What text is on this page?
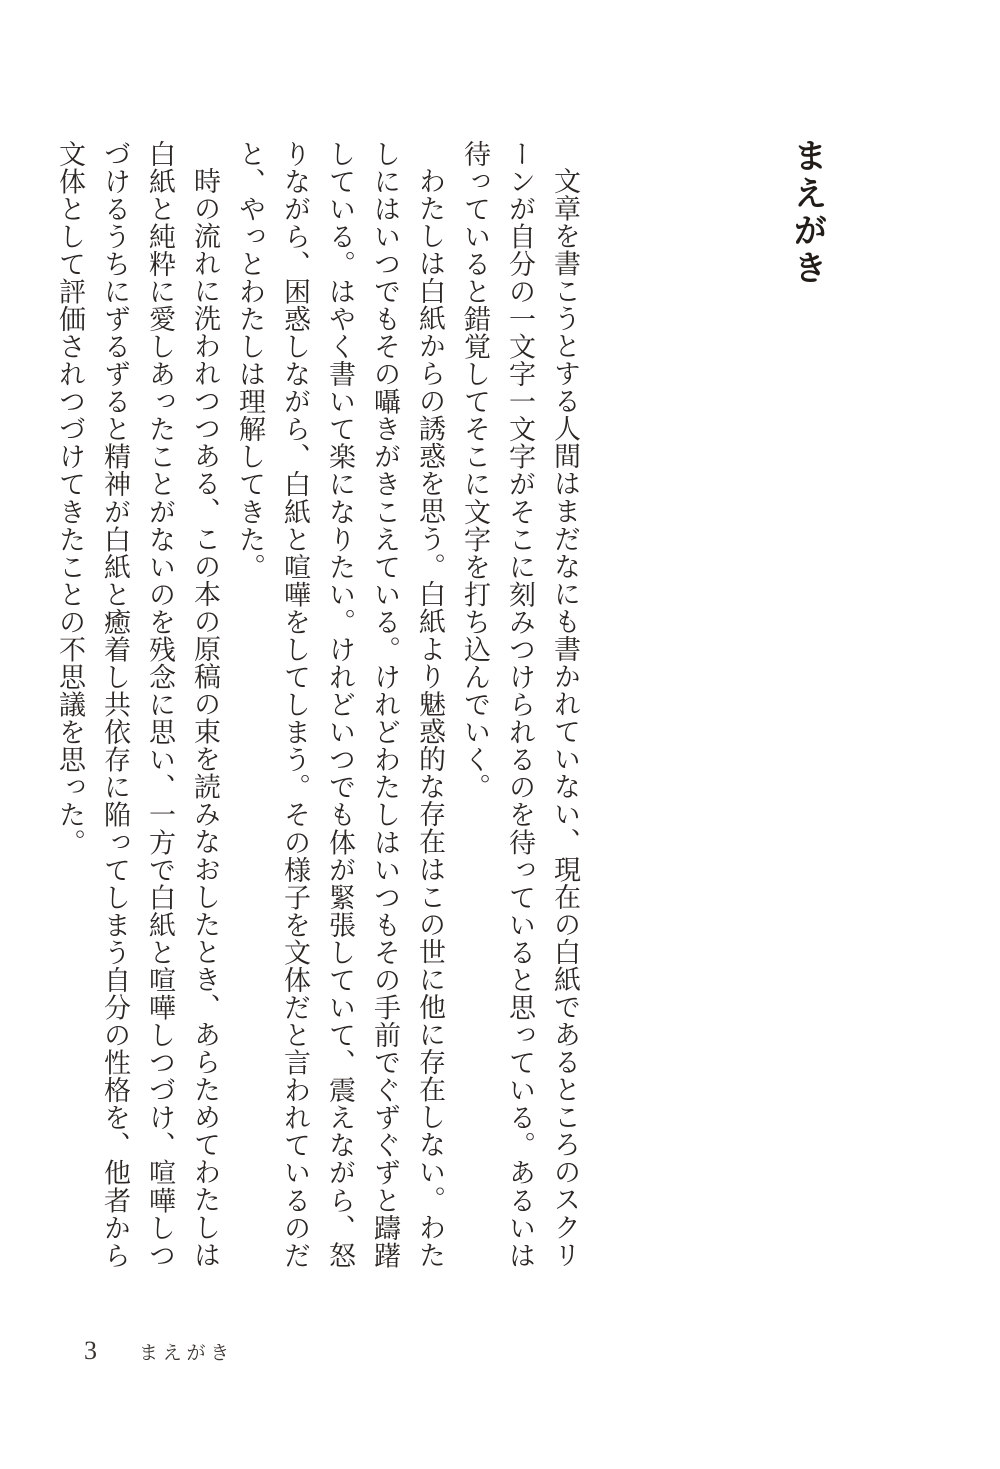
まえがき

文章を書こうとする人間はまだなにも書かれていない、現在の白紙であるところのスクリーンが自分の一文字一文字がそこに刻みつけられるのを待っていると思っている。あるいは待っていると錯覚してそこに文字を打ち込んでいく。

わたしは白紙からの誘惑を思う。白紙より魅惑的な存在はこの世に他に存在しない。わたしにはいつでもその囁きがきこえている。けれどわたしはいつもその手前でぐずぐずと躊躇している。はやく書いて楽になりたい。けれどいつでも体が緊張していて、震えながら、怒りながら、困惑しながら、白紙と喧嘩をしてしまう。その様子を文体だと言われているのだと、やっとわたしは理解してきた。

時の流れに洗われつつある、この本の原稿の束を読みなおしたとき、あらためてわたしは白紙と純粋に愛しあったことがないのを残念に思い、一方で白紙と喧嘩しつづけ、喧嘩しつづけるうちにずるずると精神が白紙と癒着し共依存に陥ってしまう自分の性格を、他者から文体として評価されつづけてきたことの不思議を思った。

3 まえがき
